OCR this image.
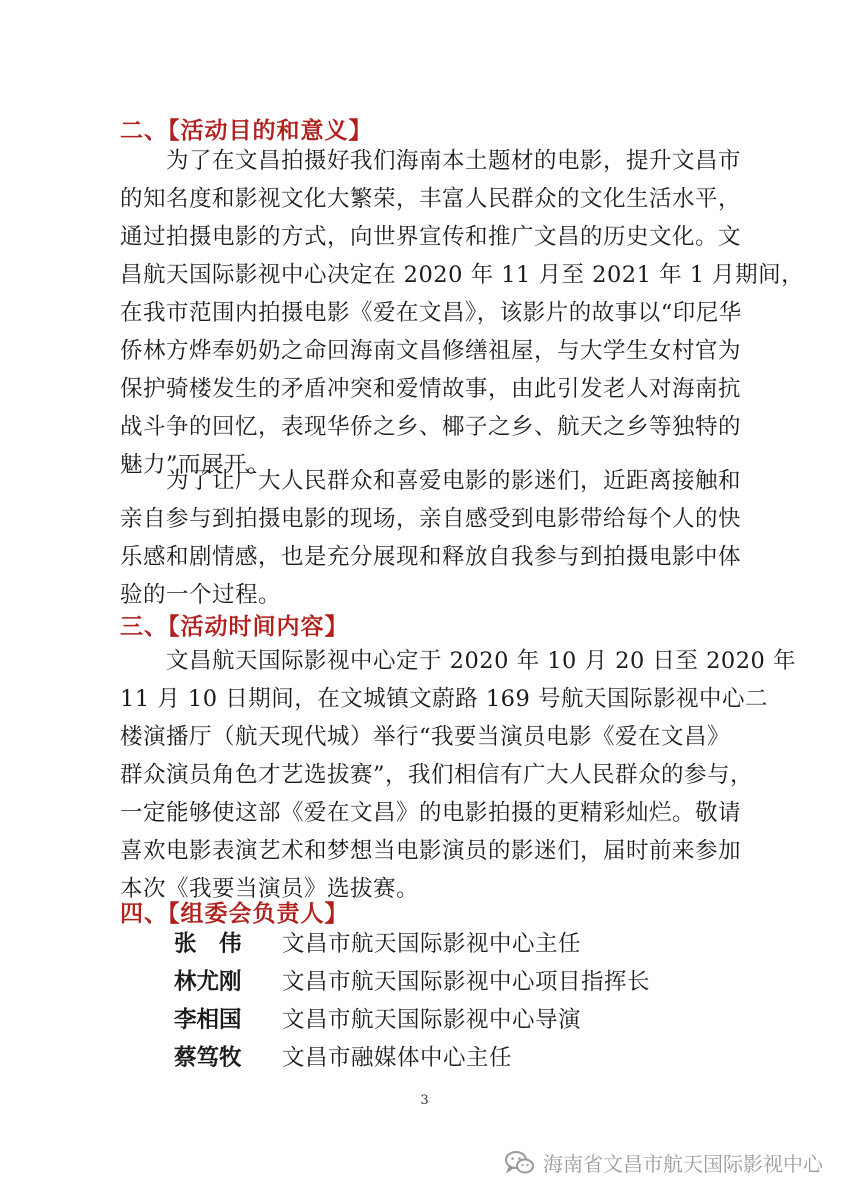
二、【活动目的和意义】
为了在文昌拍摄好我们海南本土题材的电影，提升文昌市
的知名度和影视文化大繁荣，丰富人民群众的文化生活水平，
通过拍摄电影的方式，向世界宣传和推广文昌的历史文化。文
昌航天国际影视中心决定在 2020 年 11 月至 2021 年 1 月期间，
在我市范围内拍摄电影《爱在文昌》，该影片的故事以“印尼华
侨林方烨奉奶奶之命回海南文昌修缮祖屋，与大学生女村官为
保护骑楼发生的矛盾冲突和爱情故事，由此引发老人对海南抗
战斗争的回忆，表现华侨之乡、椰子之乡、航天之乡等独特的
魅力”而展开。
为了让广大人民群众和喜爱电影的影迷们，近距离接触和
亲自参与到拍摄电影的现场，亲自感受到电影带给每个人的快
乐感和剧情感，也是充分展现和释放自我参与到拍摄电影中体
验的一个过程。
三、【活动时间内容】
文昌航天国际影视中心定于 2020 年 10 月 20 日至 2020 年
11 月 10 日期间，在文城镇文蔚路 169 号航天国际影视中心二
楼演播厅（航天现代城）举行“我要当演员电影《爱在文昌》
群众演员角色才艺选拔赛”，我们相信有广大人民群众的参与，
一定能够使这部《爱在文昌》的电影拍摄的更精彩灿烂。敬请
喜欢电影表演艺术和梦想当电影演员的影迷们，届时前来参加
本次《我要当演员》选拔赛。
四、【组委会负责人】
张　伟	文昌市航天国际影视中心主任
林尤刚	文昌市航天国际影视中心项目指挥长
李相国	文昌市航天国际影视中心导演
蔡笃牧	文昌市融媒体中心主任
3
海南省文昌市航天国际影视中心
